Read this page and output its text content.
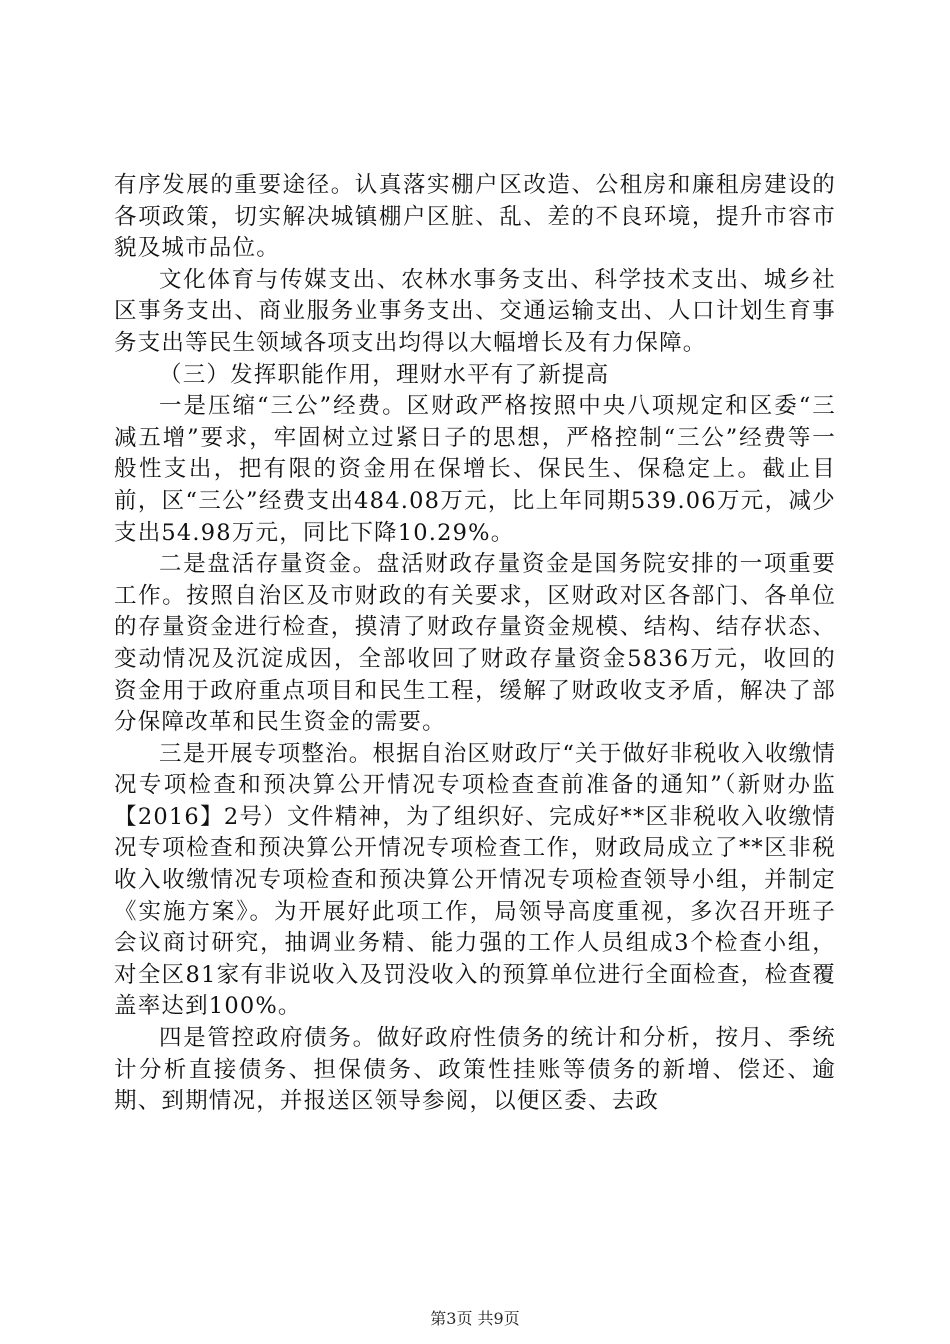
有序发展的重要途径。认真落实棚户区改造、公租房和廉租房建设的各项政策，切实解决城镇棚户区脏、乱、差的不良环境，提升市容市貌及城市品位。

文化体育与传媒支出、农林水事务支出、科学技术支出、城乡社区事务支出、商业服务业事务支出、交通运输支出、人口计划生育事务支出等民生领域各项支出均得以大幅增长及有力保障。

（三）发挥职能作用，理财水平有了新提高

一是压缩“三公”经费。区财政严格按照中央八项规定和区委“三减五增”要求，牢固树立过紧日子的思想，严格控制“三公”经费等一般性支出，把有限的资金用在保增长、保民生、保稳定上。截止目前，区“三公”经费支出484.08万元，比上年同期539.06万元，减少支出54.98万元，同比下降10.29%。

二是盘活存量资金。盘活财政存量资金是国务院安排的一项重要工作。按照自治区及市财政的有关要求，区财政对区各部门、各单位的存量资金进行检查，摸清了财政存量资金规模、结构、结存状态、变动情况及沉淀成因，全部收回了财政存量资金5836万元，收回的资金用于政府重点项目和民生工程，缓解了财政收支矛盾，解决了部分保障改革和民生资金的需要。

三是开展专项整治。根据自治区财政厅“关于做好非税收入收缴情况专项检查和预决算公开情况专项检查查前准备的通知”（新财办监【2016】2号）文件精神，为了组织好、完成好**区非税收入收缴情况专项检查和预决算公开情况专项检查工作，财政局成立了**区非税收入收缴情况专项检查和预决算公开情况专项检查领导小组，并制定《实施方案》。为开展好此项工作，局领导高度重视，多次召开班子会议商讨研究，抽调业务精、能力强的工作人员组成3个检查小组，对全区81家有非说收入及罚没收入的预算单位进行全面检查，检查覆盖率达到100%。

四是管控政府债务。做好政府性债务的统计和分析，按月、季统计分析直接债务、担保债务、政策性挂账等债务的新增、偿还、逾期、到期情况，并报送区领导参阅，以便区委、去政

第3页 共9页
